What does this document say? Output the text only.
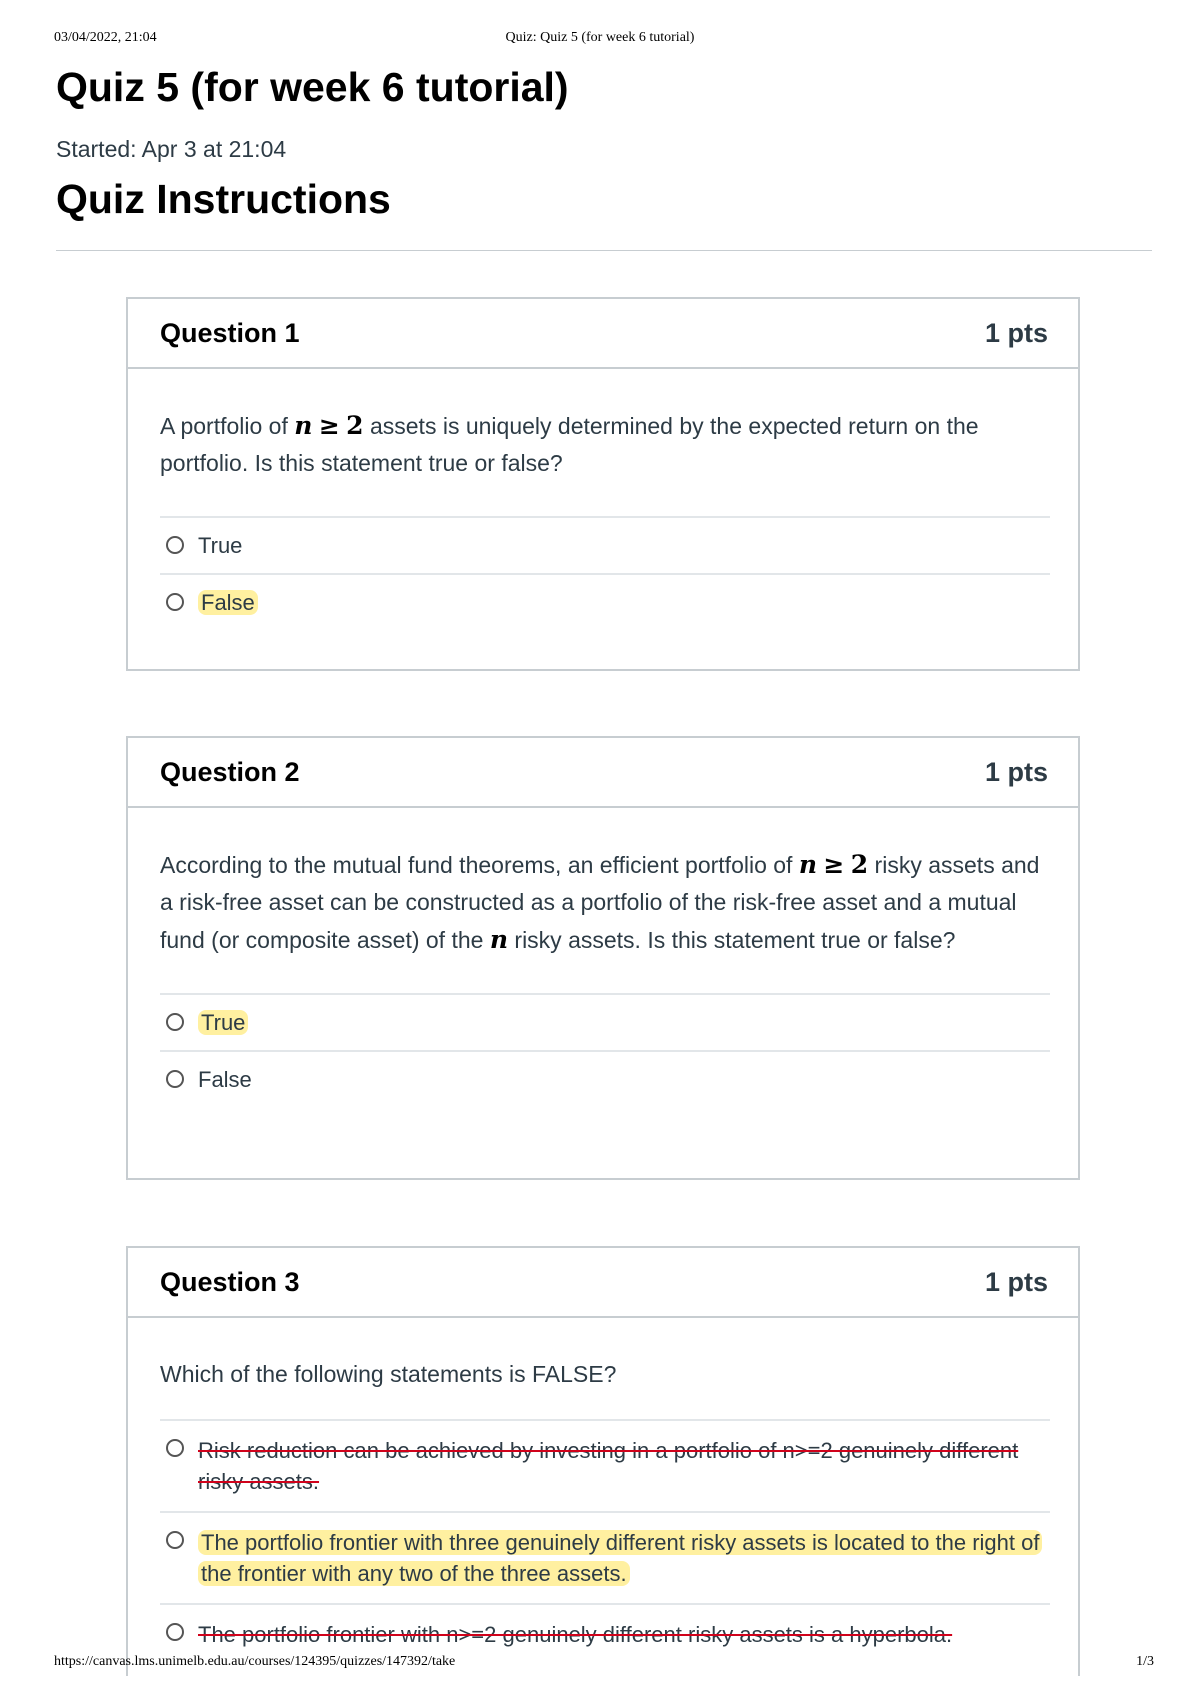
03/04/2022, 21:04	Quiz: Quiz 5 (for week 6 tutorial)
Quiz 5 (for week 6 tutorial)
Started: Apr 3 at 21:04
Quiz Instructions
Question 1	1 pts

A portfolio of n ≥ 2 assets is uniquely determined by the expected return on the portfolio. Is this statement true or false?

True
False
Question 2	1 pts

According to the mutual fund theorems, an efficient portfolio of n ≥ 2 risky assets and a risk-free asset can be constructed as a portfolio of the risk-free asset and a mutual fund (or composite asset) of the n risky assets. Is this statement true or false?

True
False
Question 3	1 pts

Which of the following statements is FALSE?

Risk reduction can be achieved by investing in a portfolio of n>=2 genuinely different risky assets.
The portfolio frontier with three genuinely different risky assets is located to the right of the frontier with any two of the three assets.
The portfolio frontier with n>=2 genuinely different risky assets is a hyperbola.
https://canvas.lms.unimelb.edu.au/courses/124395/quizzes/147392/take	1/3
